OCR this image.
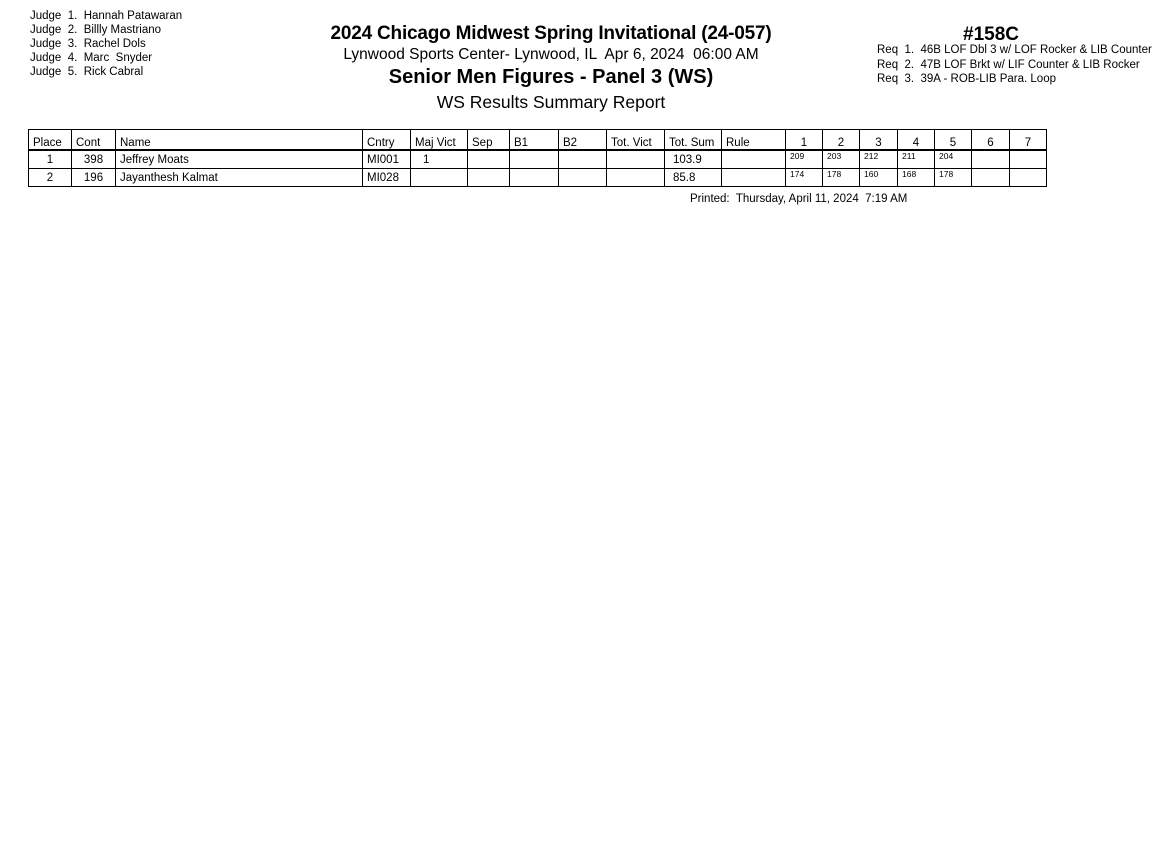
Judge  1.  Hannah Patawaran
Judge  2.  Billly Mastriano
Judge  3.  Rachel Dols
Judge  4.  Marc  Snyder
Judge  5.  Rick Cabral
2024 Chicago Midwest Spring Invitational (24-057)
Lynwood Sports Center- Lynwood, IL  Apr 6, 2024  06:00 AM
Senior Men Figures - Panel 3 (WS)
WS Results Summary Report
#158C
Req  1.  46B LOF Dbl 3 w/ LOF Rocker & LIB Counter
Req  2.  47B LOF Brkt w/ LIF Counter & LIB Rocker
Req  3.  39A - ROB-LIB Para. Loop
Place	Cont	Name	Cntry	Maj Vict	Sep	B1	B2	Tot. Vict	Tot. Sum	Rule	1	2	3	4	5	6	7
1	398	Jeffrey Moats	MI001	1					103.9		209	203	212	211	204		
2	196	Jayanthesh Kalmat	MI028						85.8		174	178	160	168	178		
Printed:  Thursday, April 11, 2024  7:19 AM
